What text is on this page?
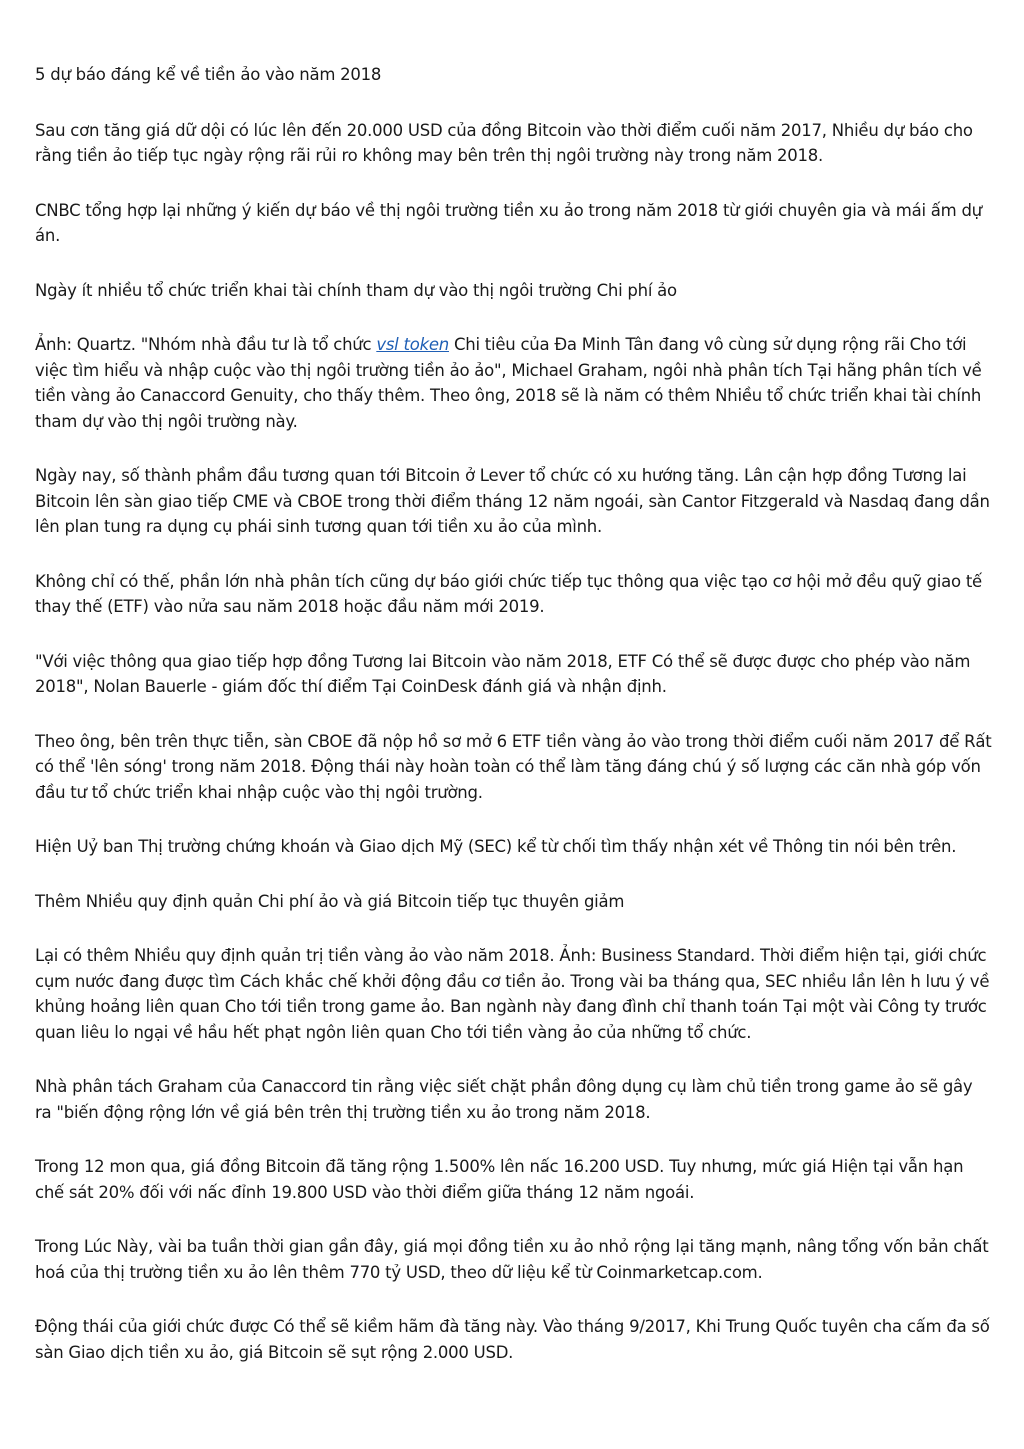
5 dự báo đáng kể về tiền ảo vào năm 2018

Sau cơn tăng giá dữ dội có lúc lên đến 20.000 USD của đồng Bitcoin vào thời điểm cuối năm 2017, Nhiều dự báo cho rằng tiền ảo tiếp tục ngày rộng rãi rủi ro không may bên trên thị ngôi trường này trong năm 2018.

CNBC tổng hợp lại những ý kiến dự báo về thị ngôi trường tiền xu ảo trong năm 2018 từ giới chuyên gia và mái ấm dự án.

Ngày ít nhiều tổ chức triển khai tài chính tham dự vào thị ngôi trường Chi phí ảo

Ảnh: Quartz. "Nhóm nhà đầu tư là tổ chức vsl token Chi tiêu của Đa Minh Tân đang vô cùng sử dụng rộng rãi Cho tới việc tìm hiểu và nhập cuộc vào thị ngôi trường tiền ảo ảo", Michael Graham, ngôi nhà phân tích Tại hãng phân tích về tiền vàng ảo Canaccord Genuity, cho thấy thêm. Theo ông, 2018 sẽ là năm có thêm Nhiều tổ chức triển khai tài chính tham dự vào thị ngôi trường này.

Ngày nay, số thành phầm đầu tương quan tới Bitcoin ở Lever tổ chức có xu hướng tăng. Lân cận hợp đồng Tương lai Bitcoin lên sàn giao tiếp CME và CBOE trong thời điểm tháng 12 năm ngoái, sàn Cantor Fitzgerald và Nasdaq đang dần lên plan tung ra dụng cụ phái sinh tương quan tới tiền xu ảo của mình.

Không chỉ có thế, phần lớn nhà phân tích cũng dự báo giới chức tiếp tục thông qua việc tạo cơ hội mở đều quỹ giao tế thay thế (ETF) vào nửa sau năm 2018 hoặc đầu năm mới 2019.

"Với việc thông qua giao tiếp hợp đồng Tương lai Bitcoin vào năm 2018, ETF Có thể sẽ được được cho phép vào năm 2018", Nolan Bauerle - giám đốc thí điểm Tại CoinDesk đánh giá và nhận định.

Theo ông, bên trên thực tiễn, sàn CBOE đã nộp hồ sơ mở 6 ETF tiền vàng ảo vào trong thời điểm cuối năm 2017 để Rất có thể 'lên sóng' trong năm 2018. Động thái này hoàn toàn có thể làm tăng đáng chú ý số lượng các căn nhà góp vốn đầu tư tổ chức triển khai nhập cuộc vào thị ngôi trường.

Hiện Uỷ ban Thị trường chứng khoán và Giao dịch Mỹ (SEC) kể từ chối tìm thấy nhận xét về Thông tin nói bên trên.

Thêm Nhiều quy định quản Chi phí ảo và giá Bitcoin tiếp tục thuyên giảm

Lại có thêm Nhiều quy định quản trị tiền vàng ảo vào năm 2018. Ảnh: Business Standard. Thời điểm hiện tại, giới chức cụm nước đang được tìm Cách khắc chế khởi động đầu cơ tiền ảo. Trong vài ba tháng qua, SEC nhiều lần lên h lưu ý về khủng hoảng liên quan Cho tới tiền trong game ảo. Ban ngành này đang đình chỉ thanh toán Tại một vài Công ty trước quan liêu lo ngại về hầu hết phạt ngôn liên quan Cho tới tiền vàng ảo của những tổ chức.

Nhà phân tách Graham của Canaccord tin rằng việc siết chặt phần đông dụng cụ làm chủ tiền trong game ảo sẽ gây ra "biến động rộng lớn về giá bên trên thị trường tiền xu ảo trong năm 2018.

Trong 12 mon qua, giá đồng Bitcoin đã tăng rộng 1.500% lên nấc 16.200 USD. Tuy nhưng, mức giá Hiện tại vẫn hạn chế sát 20% đối với nấc đỉnh 19.800 USD vào thời điểm giữa tháng 12 năm ngoái.

Trong Lúc Này, vài ba tuần thời gian gần đây, giá mọi đồng tiền xu ảo nhỏ rộng lại tăng mạnh, nâng tổng vốn bản chất hoá của thị trường tiền xu ảo lên thêm 770 tỷ USD, theo dữ liệu kể từ Coinmarketcap.com.

Động thái của giới chức được Có thể sẽ kiềm hãm đà tăng này. Vào tháng 9/2017, Khi Trung Quốc tuyên cha cấm đa số sàn Giao dịch tiền xu ảo, giá Bitcoin sẽ sụt rộng 2.000 USD.
